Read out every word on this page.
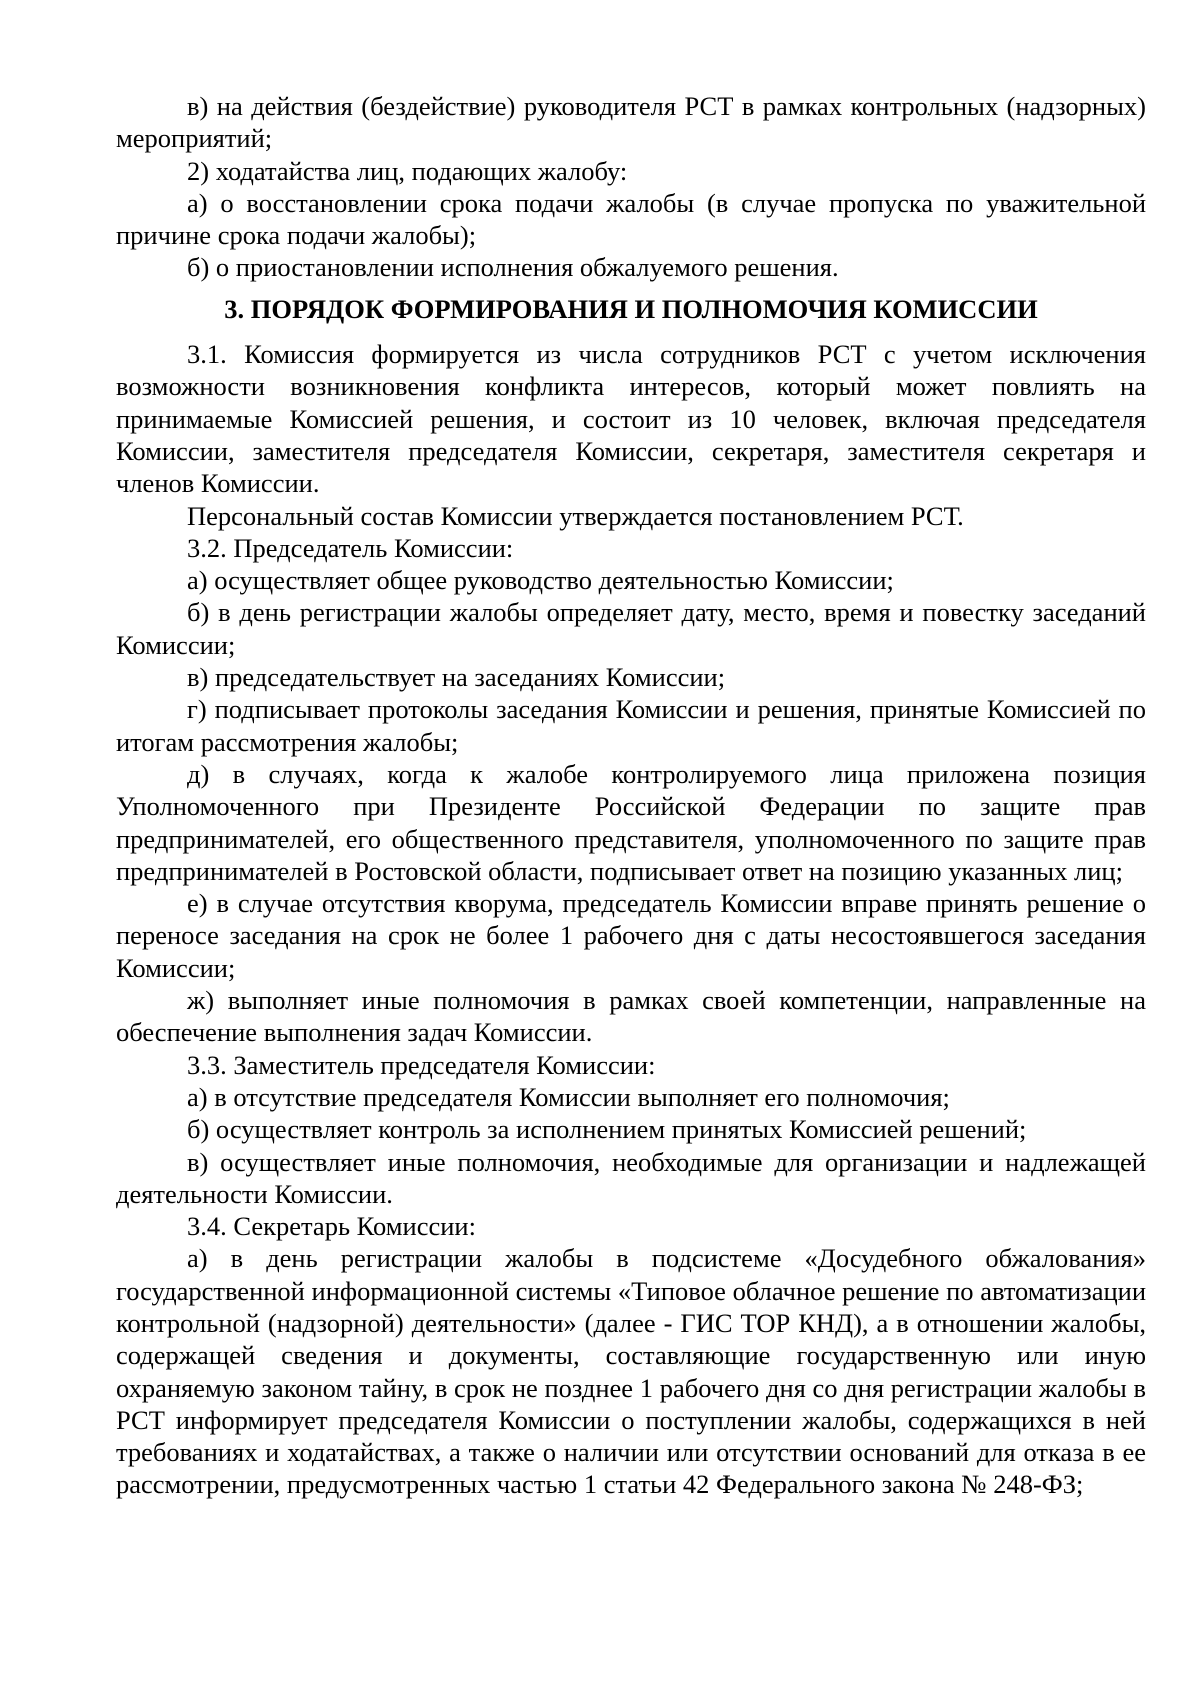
в) на действия (бездействие) руководителя РСТ в рамках контрольных (надзорных) мероприятий;

2) ходатайства лиц, подающих жалобу:

а) о восстановлении срока подачи жалобы (в случае пропуска по уважительной причине срока подачи жалобы);

б) о приостановлении исполнения обжалуемого решения.

3. ПОРЯДОК ФОРМИРОВАНИЯ И ПОЛНОМОЧИЯ КОМИССИИ

3.1. Комиссия формируется из числа сотрудников РСТ с учетом исключения возможности возникновения конфликта интересов, который может повлиять на принимаемые Комиссией решения, и состоит из 10 человек, включая председателя Комиссии, заместителя председателя Комиссии, секретаря, заместителя секретаря и членов Комиссии.

Персональный состав Комиссии утверждается постановлением РСТ.

3.2. Председатель Комиссии:

а) осуществляет общее руководство деятельностью Комиссии;

б) в день регистрации жалобы определяет дату, место, время и повестку заседаний Комиссии;

в) председательствует на заседаниях Комиссии;

г) подписывает протоколы заседания Комиссии и решения, принятые Комиссией по итогам рассмотрения жалобы;

д) в случаях, когда к жалобе контролируемого лица приложена позиция Уполномоченного при Президенте Российской Федерации по защите прав предпринимателей, его общественного представителя, уполномоченного по защите прав предпринимателей в Ростовской области, подписывает ответ на позицию указанных лиц;

е) в случае отсутствия кворума, председатель Комиссии вправе принять решение о переносе заседания на срок не более 1 рабочего дня с даты несостоявшегося заседания Комиссии;

ж) выполняет иные полномочия в рамках своей компетенции, направленные на обеспечение выполнения задач Комиссии.

3.3. Заместитель председателя Комиссии:

а) в отсутствие председателя Комиссии выполняет его полномочия;

б) осуществляет контроль за исполнением принятых Комиссией решений;

в) осуществляет иные полномочия, необходимые для организации и надлежащей деятельности Комиссии.

3.4. Секретарь Комиссии:

а) в день регистрации жалобы в подсистеме «Досудебного обжалования» государственной информационной системы «Типовое облачное решение по автоматизации контрольной (надзорной) деятельности» (далее - ГИС ТОР КНД), а в отношении жалобы, содержащей сведения и документы, составляющие государственную или иную охраняемую законом тайну, в срок не позднее 1 рабочего дня со дня регистрации жалобы в РСТ информирует председателя Комиссии о поступлении жалобы, содержащихся в ней требованиях и ходатайствах, а также о наличии или отсутствии оснований для отказа в ее рассмотрении, предусмотренных частью 1 статьи 42 Федерального закона № 248-ФЗ;
